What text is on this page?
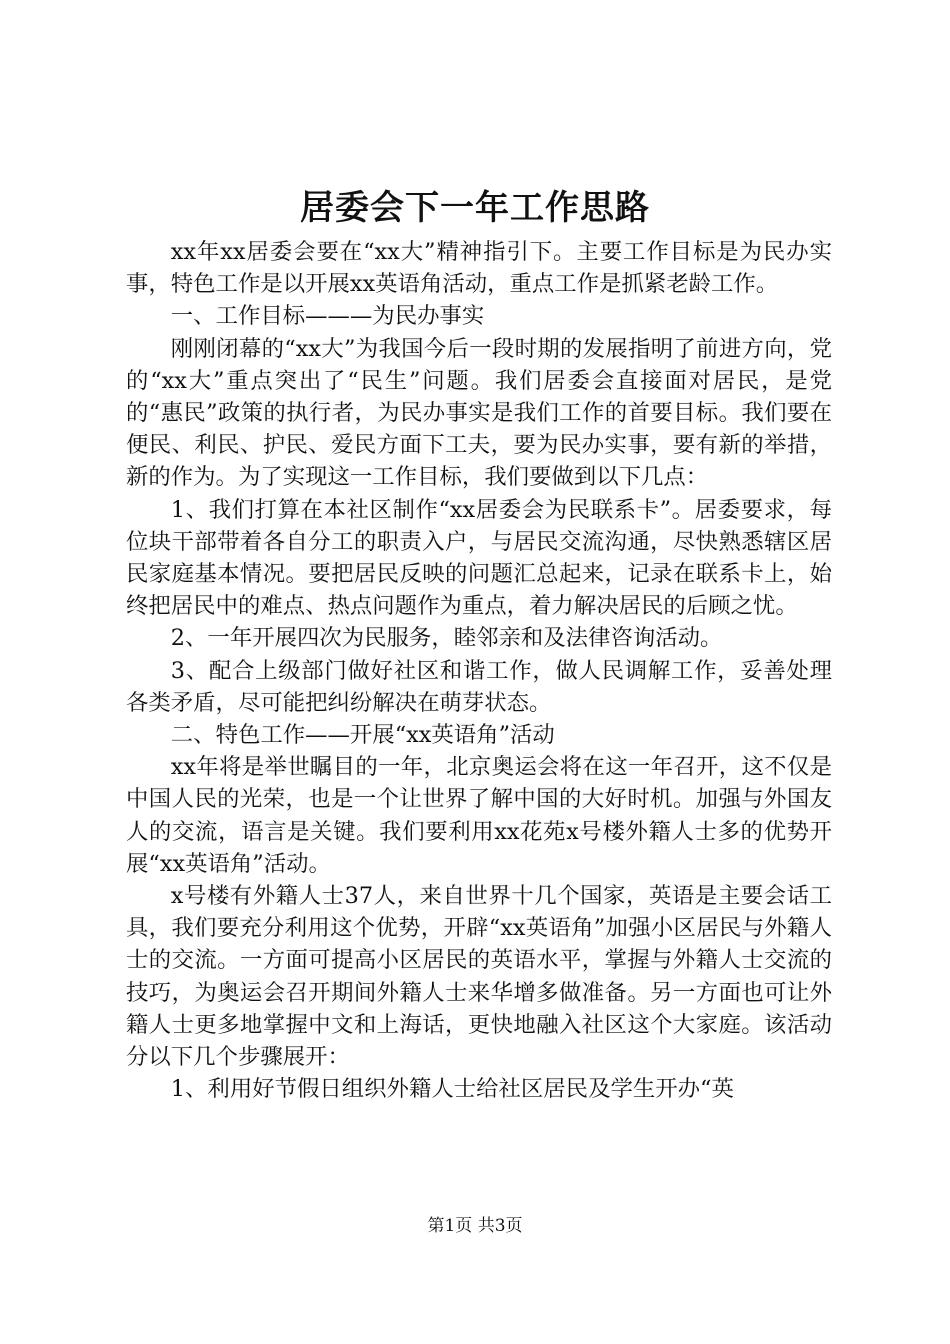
居委会下一年工作思路

xx年xx居委会要在“xx大”精神指引下。主要工作目标是为民办实事，特色工作是以开展xx英语角活动，重点工作是抓紧老龄工作。

一、工作目标———为民办事实

刚刚闭幕的“xx大”为我国今后一段时期的发展指明了前进方向，党的“xx大”重点突出了“民生”问题。我们居委会直接面对居民，是党的“惠民”政策的执行者，为民办事实是我们工作的首要目标。我们要在便民、利民、护民、爱民方面下工夫，要为民办实事，要有新的举措，新的作为。为了实现这一工作目标，我们要做到以下几点：

1、我们打算在本社区制作“xx居委会为民联系卡”。居委要求，每位块干部带着各自分工的职责入户，与居民交流沟通，尽快熟悉辖区居民家庭基本情况。要把居民反映的问题汇总起来，记录在联系卡上，始终把居民中的难点、热点问题作为重点，着力解决居民的后顾之忧。

2、一年开展四次为民服务，睦邻亲和及法律咨询活动。

3、配合上级部门做好社区和谐工作，做人民调解工作，妥善处理各类矛盾，尽可能把纠纷解决在萌芽状态。

二、特色工作——开展“xx英语角”活动

xx年将是举世瞩目的一年，北京奥运会将在这一年召开，这不仅是中国人民的光荣，也是一个让世界了解中国的大好时机。加强与外国友人的交流，语言是关键。我们要利用xx花苑x号楼外籍人士多的优势开展“xx英语角”活动。

x号楼有外籍人士37人，来自世界十几个国家，英语是主要会话工具，我们要充分利用这个优势，开辟“xx英语角”加强小区居民与外籍人士的交流。一方面可提高小区居民的英语水平，掌握与外籍人士交流的技巧，为奥运会召开期间外籍人士来华增多做准备。另一方面也可让外籍人士更多地掌握中文和上海话，更快地融入社区这个大家庭。该活动分以下几个步骤展开：

1、利用好节假日组织外籍人士给社区居民及学生开办“英

第1页 共3页
